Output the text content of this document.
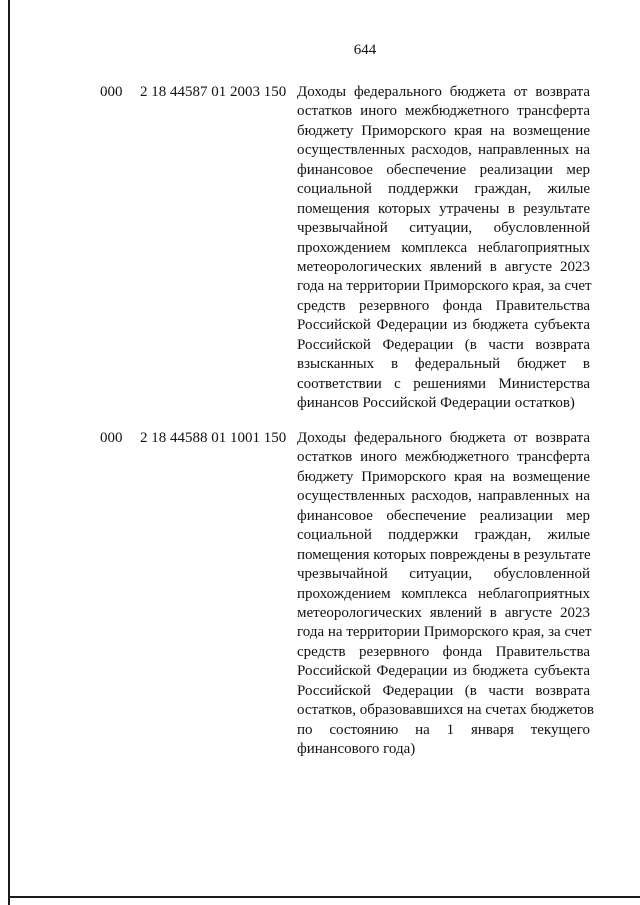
644
000 2 18 44587 01 2003 150 Доходы федерального бюджета от возврата
остатков иного межбюджетного трансферта
бюджету Приморского края на возмещение
осуществленных расходов, направленных на
финансовое обеспечение реализации мер
социальной поддержки граждан, жилые
помещения которых утрачены в результате
чрезвычайной ситуации, обусловленной
прохождением комплекса неблагоприятных
метеорологических явлений в августе 2023
года на территории Приморского края, за счет
средств резервного фонда Правительства
Российской Федерации из бюджета субъекта
Российской Федерации (в части возврата
взысканных в федеральный бюджет в
соответствии с решениями Министерства
финансов Российской Федерации остатков)
000 2 18 44588 01 1001 150 Доходы федерального бюджета от возврата
остатков иного межбюджетного трансферта
бюджету Приморского края на возмещение
осуществленных расходов, направленных на
финансовое обеспечение реализации мер
социальной поддержки граждан, жилые
помещения которых повреждены в результате
чрезвычайной ситуации, обусловленной
прохождением комплекса неблагоприятных
метеорологических явлений в августе 2023
года на территории Приморского края, за счет
средств резервного фонда Правительства
Российской Федерации из бюджета субъекта
Российской Федерации (в части возврата
остатков, образовавшихся на счетах бюджетов
по состоянию на 1 января текущего
финансового года)
